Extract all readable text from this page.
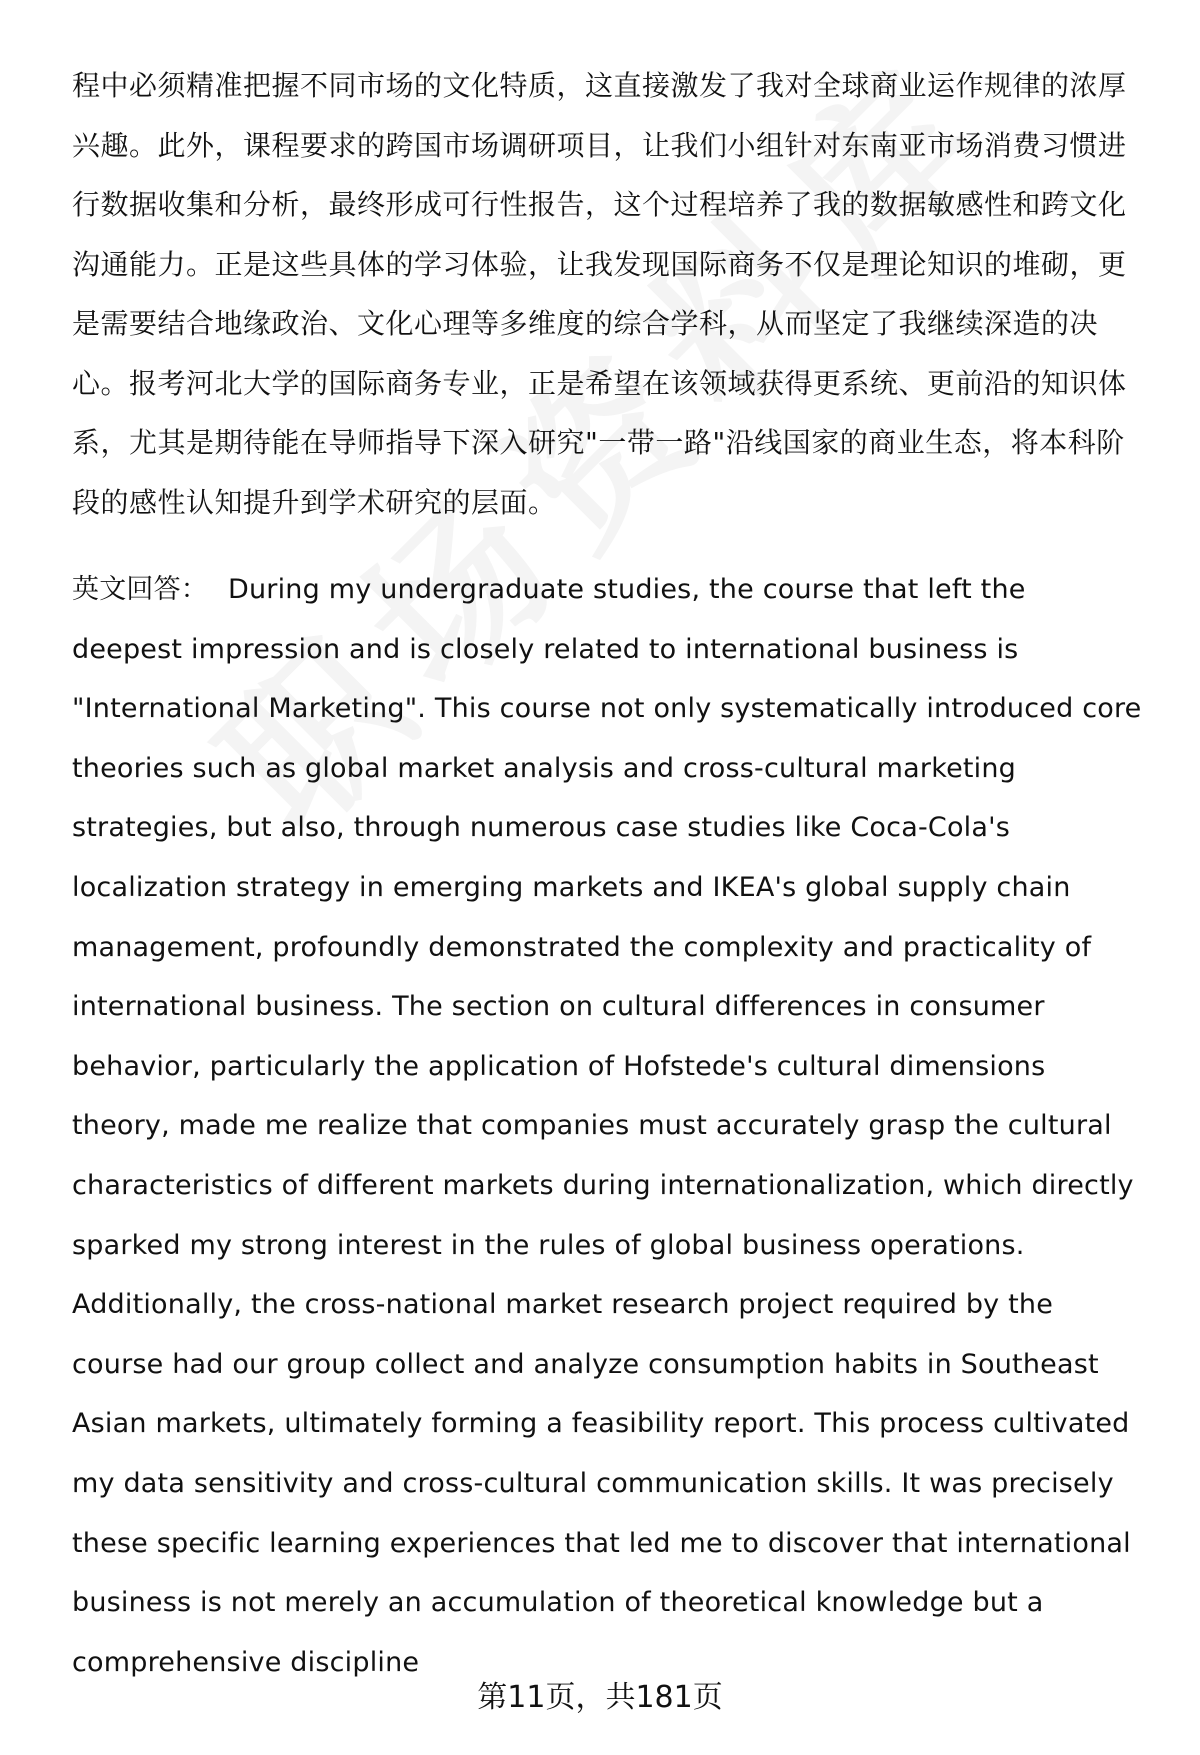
程中必须精准把握不同市场的文化特质，这直接激发了我对全球商业运作规律的浓厚兴趣。此外，课程要求的跨国市场调研项目，让我们小组针对东南亚市场消费习惯进行数据收集和分析，最终形成可行性报告，这个过程培养了我的数据敏感性和跨文化沟通能力。正是这些具体的学习体验，让我发现国际商务不仅是理论知识的堆砌，更是需要结合地缘政治、文化心理等多维度的综合学科，从而坚定了我继续深造的决心。报考河北大学的国际商务专业，正是希望在该领域获得更系统、更前沿的知识体系，尤其是期待能在导师指导下深入研究"一带一路"沿线国家的商业生态，将本科阶段的感性认知提升到学术研究的层面。

英文回答： During my undergraduate studies, the course that left the deepest impression and is closely related to international business is "International Marketing". This course not only systematically introduced core theories such as global market analysis and cross-cultural marketing strategies, but also, through numerous case studies like Coca-Cola's localization strategy in emerging markets and IKEA's global supply chain management, profoundly demonstrated the complexity and practicality of international business. The section on cultural differences in consumer behavior, particularly the application of Hofstede's cultural dimensions theory, made me realize that companies must accurately grasp the cultural characteristics of different markets during internationalization, which directly sparked my strong interest in the rules of global business operations. Additionally, the cross-national market research project required by the course had our group collect and analyze consumption habits in Southeast Asian markets, ultimately forming a feasibility report. This process cultivated my data sensitivity and cross-cultural communication skills. It was precisely these specific learning experiences that led me to discover that international business is not merely an accumulation of theoretical knowledge but a comprehensive discipline

第11页，共181页
